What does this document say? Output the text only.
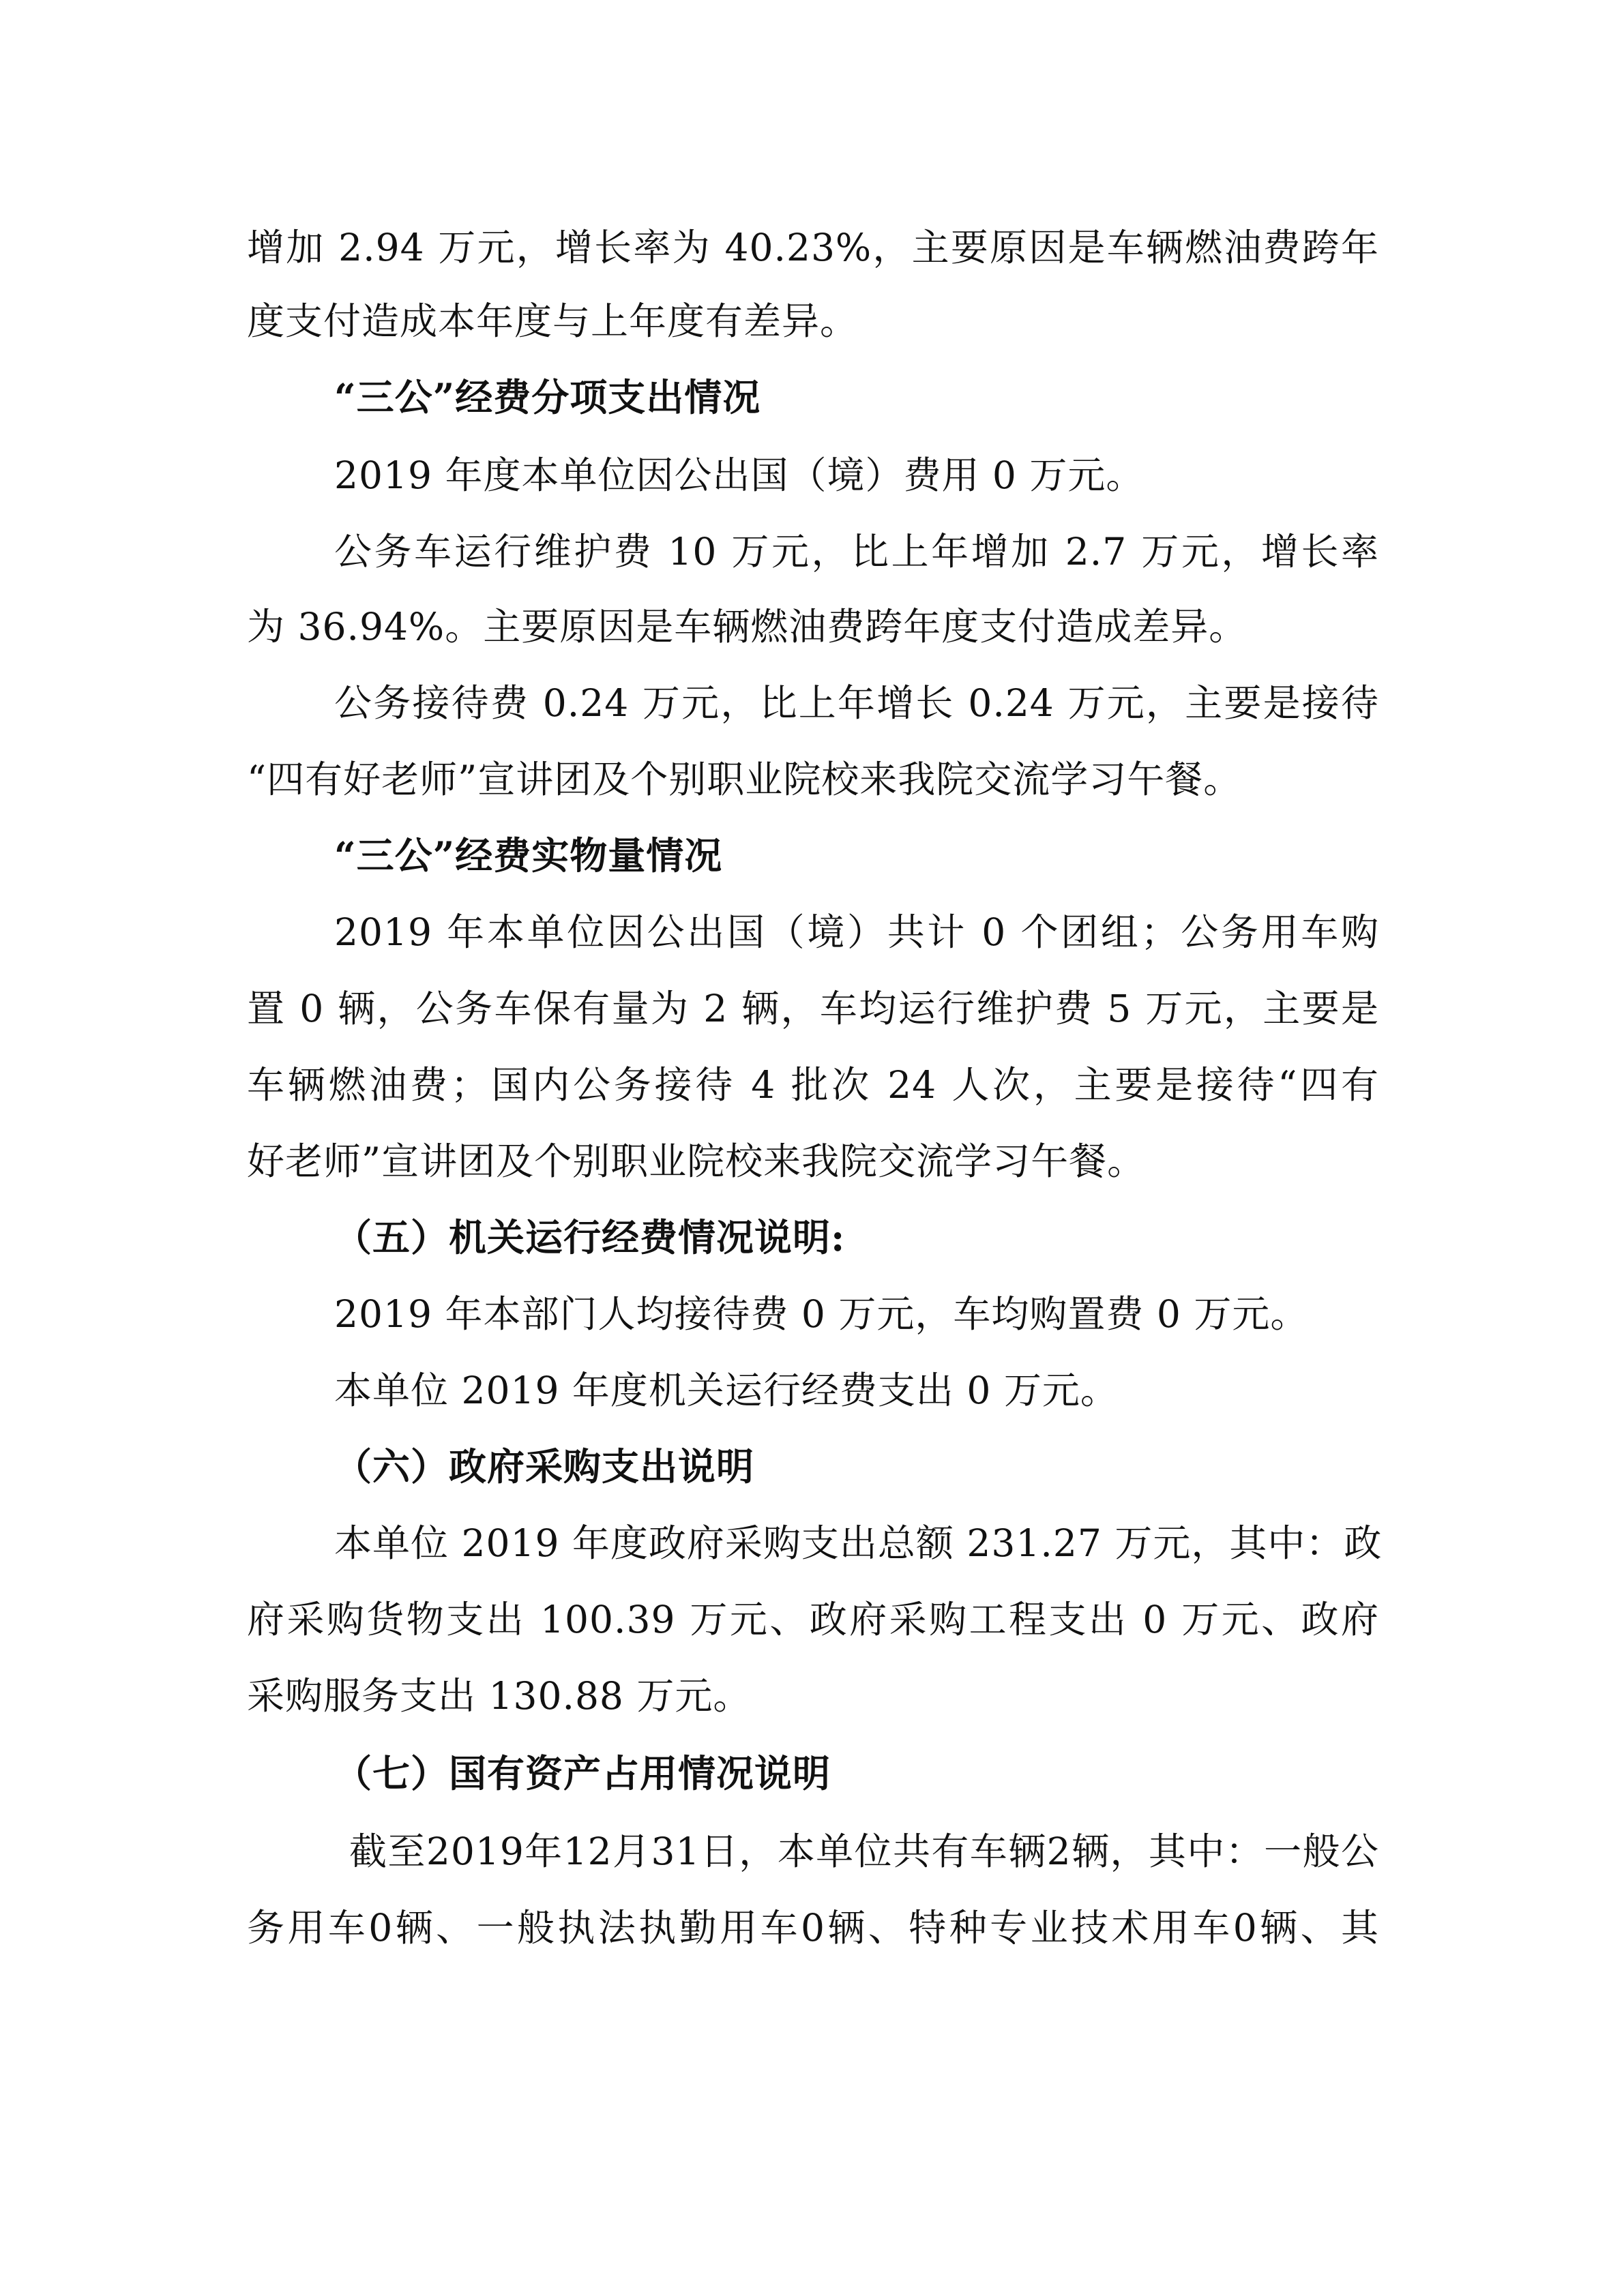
增加 2.94 万元，增长率为 40.23%，主要原因是车辆燃油费跨年
度支付造成本年度与上年度有差异。
“三公”经费分项支出情况
2019 年度本单位因公出国（境）费用 0 万元。
公务车运行维护费 10 万元，比上年增加 2.7 万元，增长率
为 36.94%。主要原因是车辆燃油费跨年度支付造成差异。
公务接待费 0.24 万元，比上年增长 0.24 万元，主要是接待
“四有好老师”宣讲团及个别职业院校来我院交流学习午餐。
“三公”经费实物量情况
2019 年本单位因公出国（境）共计 0 个团组；公务用车购
置 0 辆，公务车保有量为 2 辆，车均运行维护费 5 万元，主要是
车辆燃油费；国内公务接待 4 批次 24 人次，主要是接待“四有
好老师”宣讲团及个别职业院校来我院交流学习午餐。
（五）机关运行经费情况说明:
2019 年本部门人均接待费 0 万元，车均购置费 0 万元。
本单位 2019 年度机关运行经费支出 0 万元。
（六）政府采购支出说明
本单位 2019 年度政府采购支出总额 231.27 万元，其中：政
府采购货物支出 100.39 万元、政府采购工程支出 0 万元、政府
采购服务支出 130.88 万元。
（七）国有资产占用情况说明
截至2019年12月31日，本单位共有车辆2辆，其中：一般公
务用车0辆、一般执法执勤用车0辆、特种专业技术用车0辆、其
